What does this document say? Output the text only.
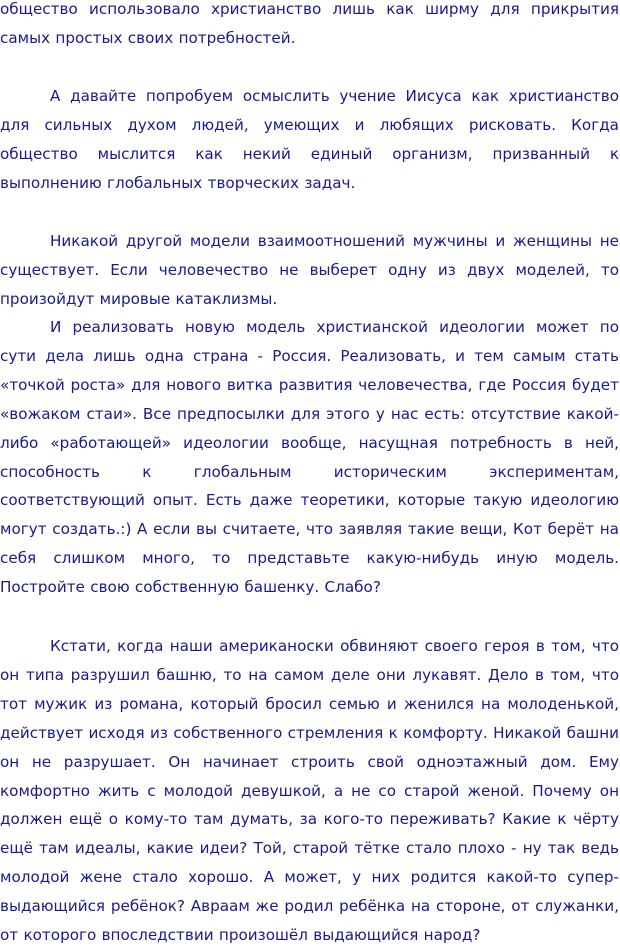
общество использовало христианство лишь как ширму для прикрытия самых простых своих потребностей.

А давайте попробуем осмыслить учение Иисуса как христианство для сильных духом людей, умеющих и любящих рисковать. Когда общество мыслится как некий единый организм, призванный к выполнению глобальных творческих задач.

Никакой другой модели взаимоотношений мужчины и женщины не существует. Если человечество не выберет одну из двух моделей, то произойдут мировые катаклизмы.

И реализовать новую модель христианской идеологии может по сути дела лишь одна страна - Россия. Реализовать, и тем самым стать «точкой роста» для нового витка развития человечества, где Россия будет «вожаком стаи». Все предпосылки для этого у нас есть: отсутствие какой-либо «работающей» идеологии вообще, насущная потребность в ней, способность к глобальным историческим экспериментам, соответствующий опыт. Есть даже теоретики, которые такую идеологию могут создать.:) А если вы считаете, что заявляя такие вещи, Кот берёт на себя слишком много, то представьте какую-нибудь иную модель. Постройте свою собственную башенку. Слабо?

Кстати, когда наши американоски обвиняют своего героя в том, что он типа разрушил башню, то на самом деле они лукавят. Дело в том, что тот мужик из романа, который бросил семью и женился на молоденькой, действует исходя из собственного стремления к комфорту. Никакой башни он не разрушает. Он начинает строить свой одноэтажный дом. Ему комфортно жить с молодой девушкой, а не со старой женой. Почему он должен ещё о кому-то там думать, за кого-то переживать? Какие к чёрту ещё там идеалы, какие идеи? Той, старой тётке стало плохо - ну так ведь молодой жене стало хорошо. А может, у них родится какой-то супер-выдающийся ребёнок? Авраам же родил ребёнка на стороне, от служанки, от которого впоследствии произошёл выдающийся народ?
